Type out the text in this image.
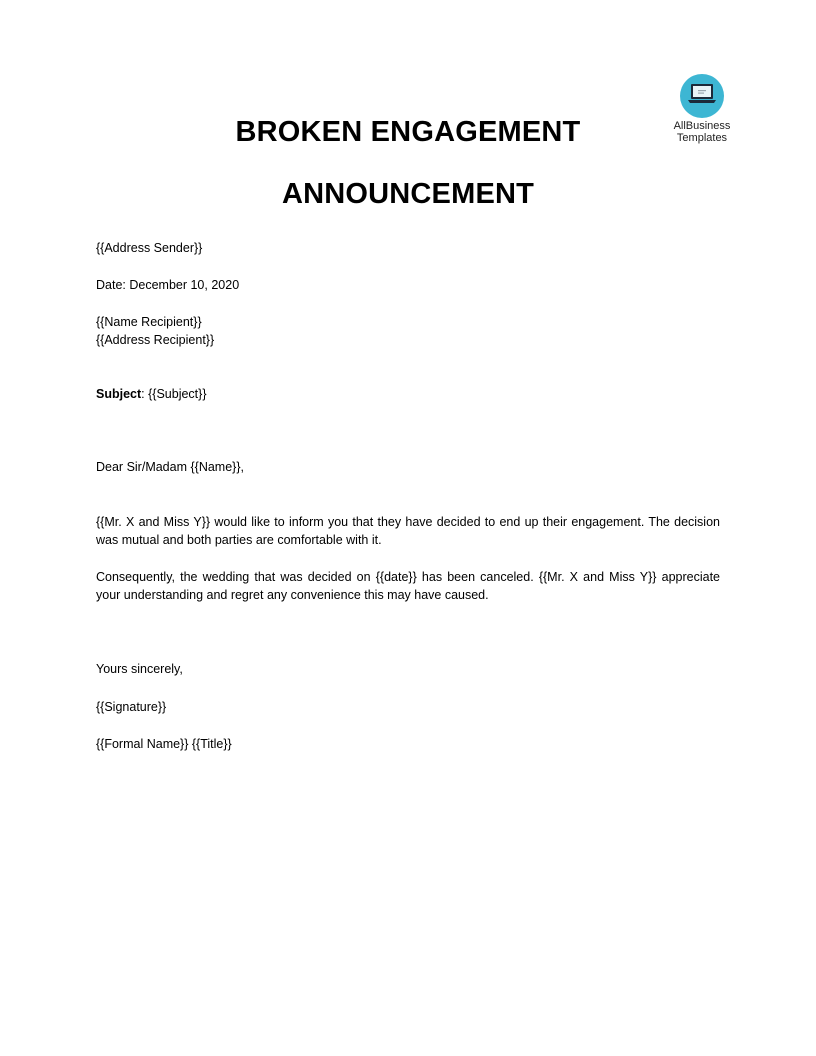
AllBusiness
Templates
BROKEN ENGAGEMENT
ANNOUNCEMENT
{{Address Sender}}
Date: December 10, 2020
{{Name Recipient}}
{{Address Recipient}}
Subject: {{Subject}}
Dear Sir/Madam {{Name}},
{{Mr. X and Miss Y}} would like to inform you that they have decided to end up their engagement. The decision was mutual and both parties are comfortable with it.
Consequently, the wedding that was decided on {{date}} has been canceled. {{Mr. X and Miss Y}} appreciate your understanding and regret any convenience this may have caused.
Yours sincerely,
{{Signature}}
{{Formal Name}} {{Title}}
